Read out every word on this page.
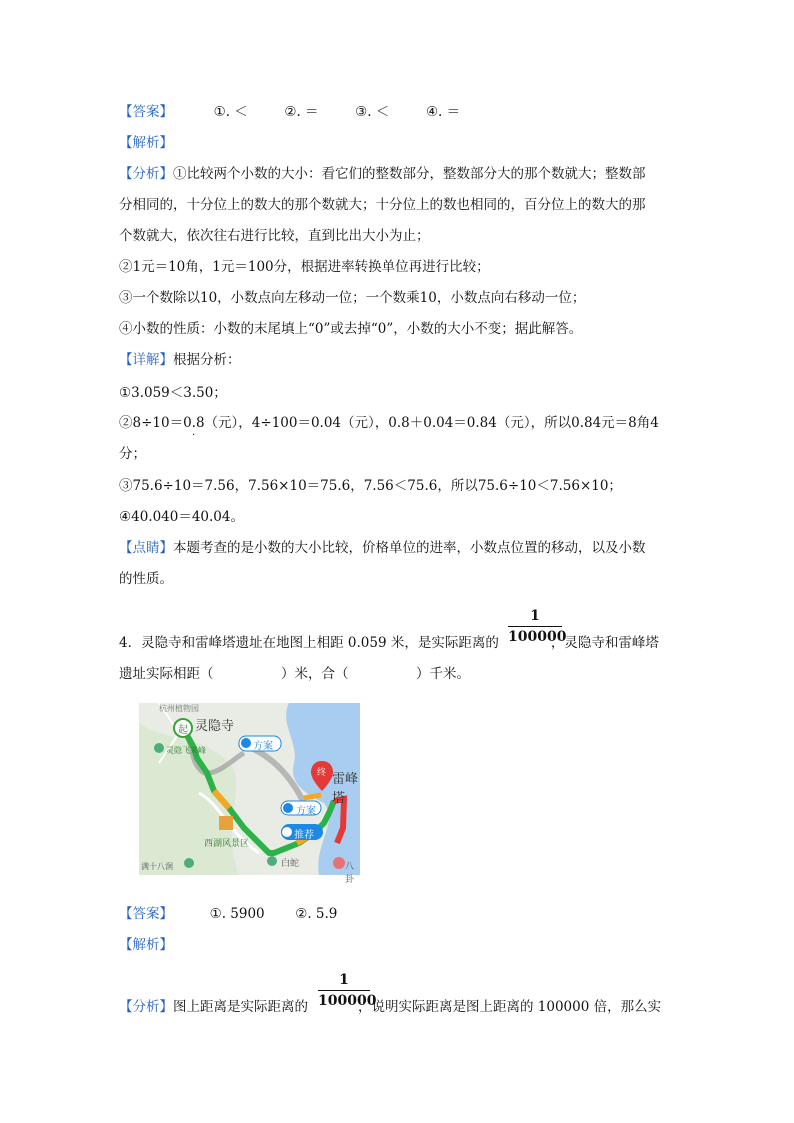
【答案】	①. ＜	②. ＝	③. ＜	④. ＝
【解析】
【分析】①比较两个小数的大小：看它们的整数部分，整数部分大的那个数就大；整数部
分相同的，十分位上的数大的那个数就大；十分位上的数也相同的，百分位上的数大的那
个数就大，依次往右进行比较，直到比出大小为止；
②1元＝10角，1元＝100分，根据进率转换单位再进行比较；
③一个数除以10，小数点向左移动一位；一个数乘10，小数点向右移动一位；
④小数的性质：小数的末尾填上“0”或去掉“0”，小数的大小不变；据此解答。
【详解】根据分析：
①3.059＜3.50；
②8÷10＝0.8（元），4÷100＝0.04（元），0.8＋0.04＝0.84（元），所以0.84元＝8角4
·
分；
③75.6÷10＝7.56，7.56×10＝75.6，7.56＜75.6，所以75.6÷10＜7.56×10；
④40.040＝40.04。
【点睛】本题考查的是小数的大小比较，价格单位的进率，小数点位置的移动，以及小数
的性质。
4．灵隐寺和雷峰塔遗址在地图上相距 0.059 米，是实际距离的	，灵隐寺和雷峰塔
1
100000
遗址实际相距（　　　　　）米，合（　　　　　）千米。
起 灵隐寺
杭州植物园
终 雷峰塔
西湖风景区
推荐
方案
方案
白蛇
灵隐飞来峰
满十八涧	八卦
【答案】	①. 5900 ②. 5.9
【解析】
【分析】图上距离是实际距离的	，说明实际距离是图上距离的 100000 倍，那么实
1
100000
